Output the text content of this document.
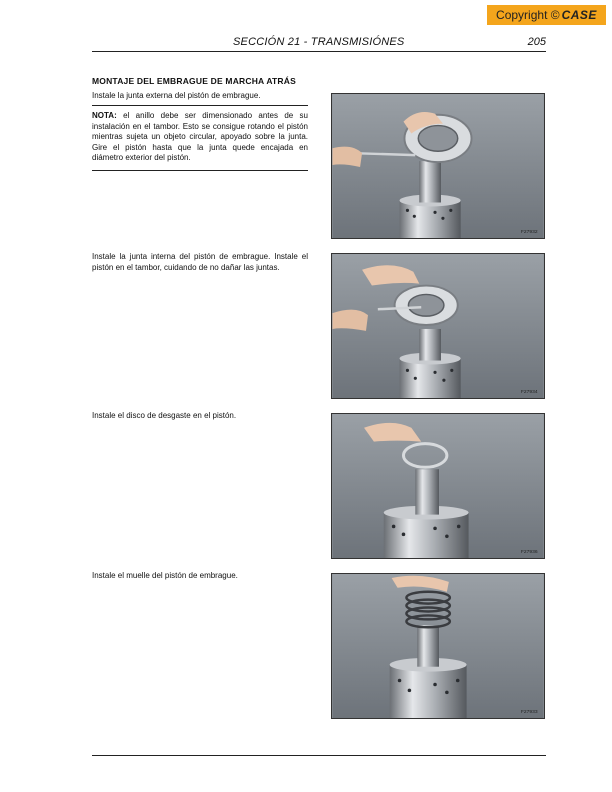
Copyright © CASE
SECCIÓN 21 - TRANSMISIÓNES	205
MONTAJE DEL EMBRAGUE DE MARCHA ATRÁS
Instale la junta externa del pistón de embrague.

NOTA: el anillo debe ser dimensionado antes de su instalación en el tambor. Esto se consigue rotando el pistón mientras sujeta un objeto circular, apoyado sobre la junta. Gire el pistón hasta que la junta quede encajada en diámetro exterior del pistón.

Instale la junta interna del pistón de embrague. Instale el pistón en el tambor, cuidando de no dañar las juntas.
Instale el disco de desgaste en el pistón.
Instale el muelle del pistón de embrague.
F27932
F27934
F27936
F27933
